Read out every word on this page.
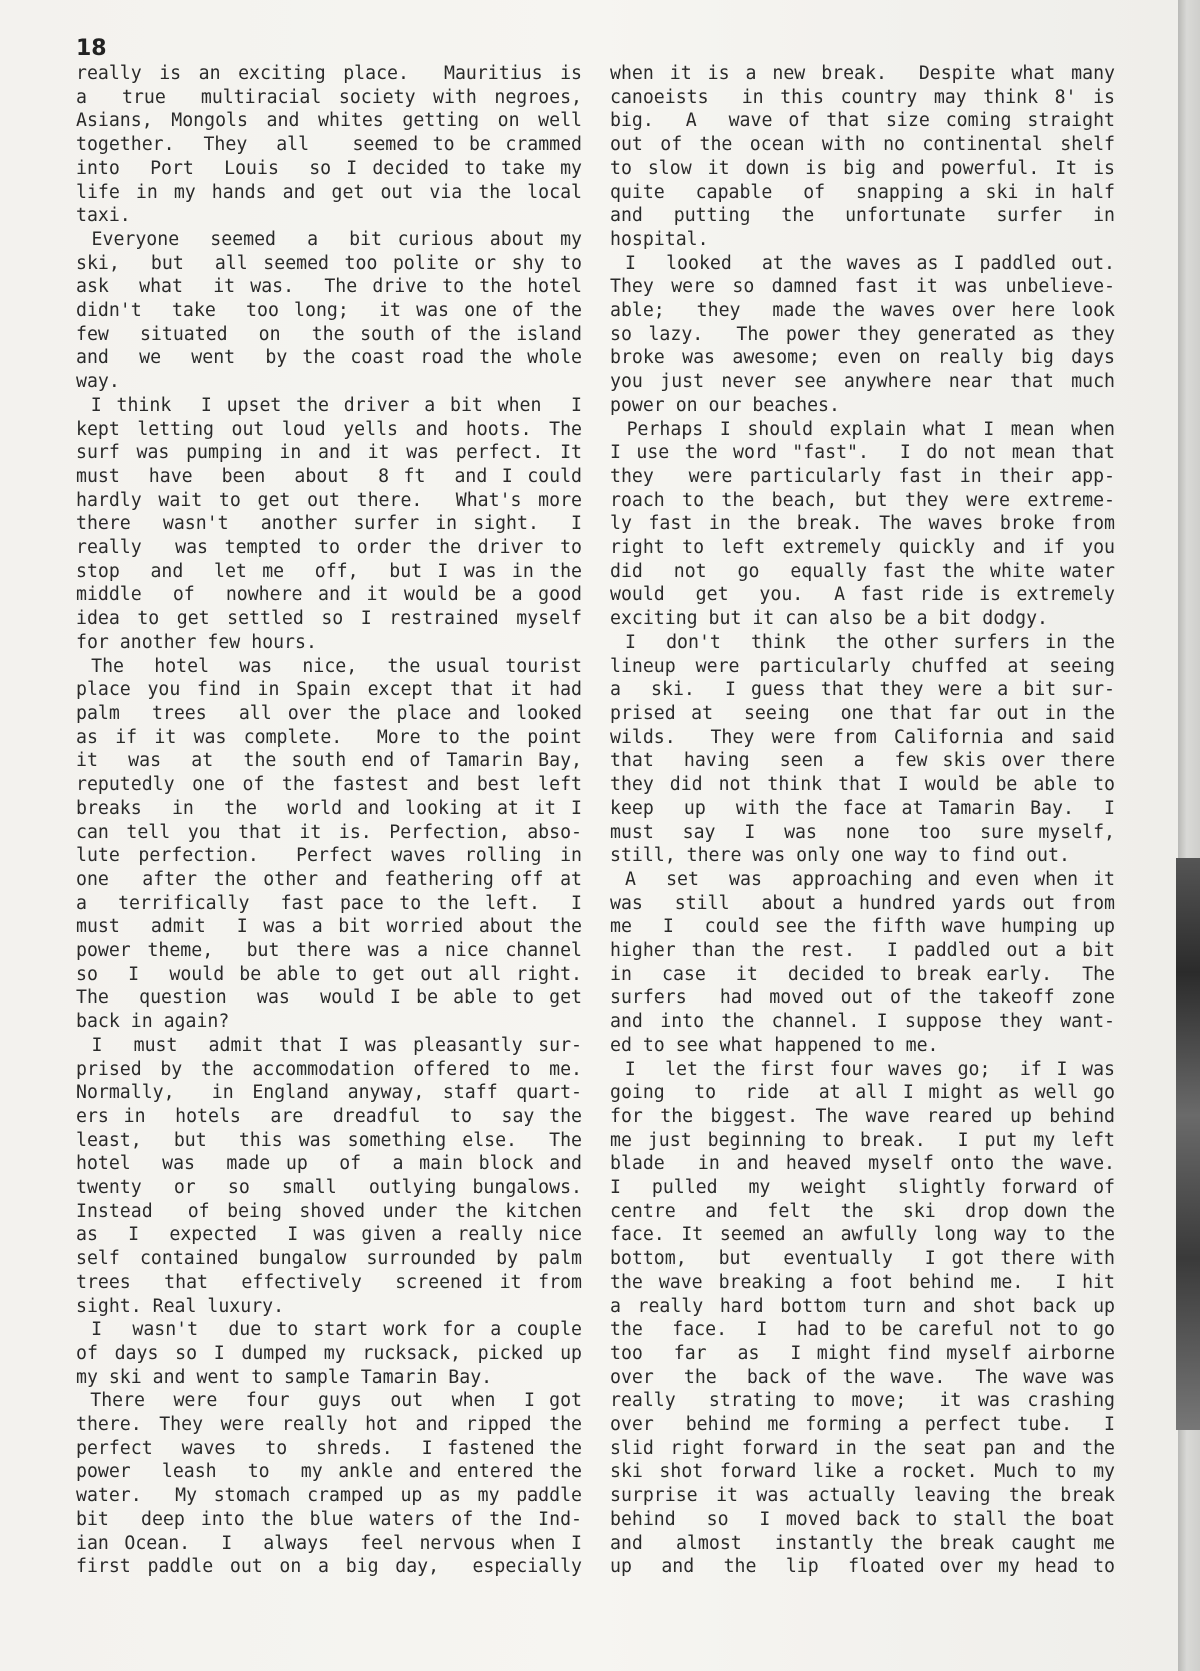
18
really is an exciting place.  Mauritius is
a  true  multiracial society with negroes,
Asians, Mongols and whites getting on well
together.  They  all   seemed to be crammed
into  Port  Louis  so I decided to take my
life in my hands and get out via the local
taxi.
Everyone  seemed  a  bit curious about my
ski,  but  all seemed too polite or shy to
ask  what  it was.  The drive to the hotel
didn't  take  too long;  it was one of the
few  situated  on  the south of the island
and  we  went  by the coast road the whole
way.
I think  I upset the driver a bit when  I
kept letting out loud yells and hoots. The
surf was pumping in and it was perfect. It
must  have  been  about  8 ft  and I could
hardly wait to get out there.  What's more
there  wasn't  another surfer in sight.  I
really  was tempted to order the driver to
stop  and  let me  off,  but I was in the
middle  of  nowhere and it would be a good
idea to get settled so I restrained myself
for another few hours.
The  hotel  was  nice,  the usual tourist
place you find in Spain except that it had
palm  trees  all over the place and looked
as if it was complete.  More to the point
it  was  at  the south end of Tamarin Bay,
reputedly one of the fastest and best left
breaks  in  the  world and looking at it I
can tell you that it is. Perfection, abso-
lute perfection.  Perfect waves rolling in
one  after the other and feathering off at
a  terrifically  fast pace to the left.  I
must  admit  I was a bit worried about the
power theme,  but there was a nice channel
so  I  would be able to get out all right.
The  question  was  would I be able to get
back in again?
I  must  admit that I was pleasantly sur-
prised by the accommodation offered to me.
Normally,  in England anyway, staff quart-
ers in  hotels  are  dreadful  to  say the
least,  but  this was something else.  The
hotel  was  made up  of  a main block and
twenty  or  so  small  outlying bungalows.
Instead  of being shoved under the kitchen
as  I  expected  I was given a really nice
self contained bungalow surrounded by palm
trees  that  effectively  screened it from
sight. Real luxury.
I  wasn't  due to start work for a couple
of days so I dumped my rucksack, picked up
my ski and went to sample Tamarin Bay.
There  were  four  guys  out  when  I got
there. They were really hot and ripped the
perfect  waves  to  shreds.  I fastened the
power  leash  to  my ankle and entered the
water.  My stomach cramped up as my paddle
bit  deep into the blue waters of the Ind-
ian Ocean.  I  always  feel nervous when I
first paddle out on a big day,  especially
when it is a new break.  Despite what many
canoeists  in this country may think 8' is
big.  A  wave of that size coming straight
out of the ocean with no continental shelf
to slow it down is big and powerful. It is
quite  capable  of  snapping a ski in half
and  putting  the  unfortunate  surfer  in
hospital.
I  looked  at the waves as I paddled out.
They were so damned fast it was unbelieve-
able;  they  made the waves over here look
so lazy.  The power they generated as they
broke was awesome; even on really big days
you just never see anywhere near that much
power on our beaches.
Perhaps I should explain what I mean when
I use the word "fast".  I do not mean that
they  were particularly fast in their app-
roach to the beach, but they were extreme-
ly fast in the break. The waves broke from
right to left extremely quickly and if you
did  not  go  equally fast the white water
would  get  you.  A fast ride is extremely
exciting but it can also be a bit dodgy.
I  don't  think  the other surfers in the
lineup were particularly chuffed at seeing
a  ski.  I guess that they were a bit sur-
prised at  seeing  one that far out in the
wilds.  They were from California and said
that  having  seen  a  few skis over there
they did not think that I would be able to
keep  up  with the face at Tamarin Bay.  I
must  say  I  was  none  too  sure myself,
still, there was only one way to find out.
A  set  was  approaching and even when it
was  still  about a hundred yards out from
me  I  could see the fifth wave humping up
higher than the rest.  I paddled out a bit
in  case  it  decided to break early.  The
surfers  had moved out of the takeoff zone
and into the channel. I suppose they want-
ed to see what happened to me.
I  let the first four waves go;  if I was
going  to  ride  at all I might as well go
for the biggest. The wave reared up behind
me just beginning to break.  I put my left
blade  in and heaved myself onto the wave.
I  pulled  my  weight  slightly forward of
centre  and  felt  the  ski  drop down the
face. It seemed an awfully long way to the
bottom,  but  eventually  I got there with
the wave breaking a foot behind me.  I hit
a really hard bottom turn and shot back up
the  face.  I  had to be careful not to go
too  far  as  I might find myself airborne
over  the  back of the wave.  The wave was
really  strating to move;  it was crashing
over  behind me forming a perfect tube.  I
slid right forward in the seat pan and the
ski shot forward like a rocket. Much to my
surprise it was actually leaving the break
behind  so  I moved back to stall the boat
and  almost  instantly the break caught me
up  and  the  lip  floated over my head to
